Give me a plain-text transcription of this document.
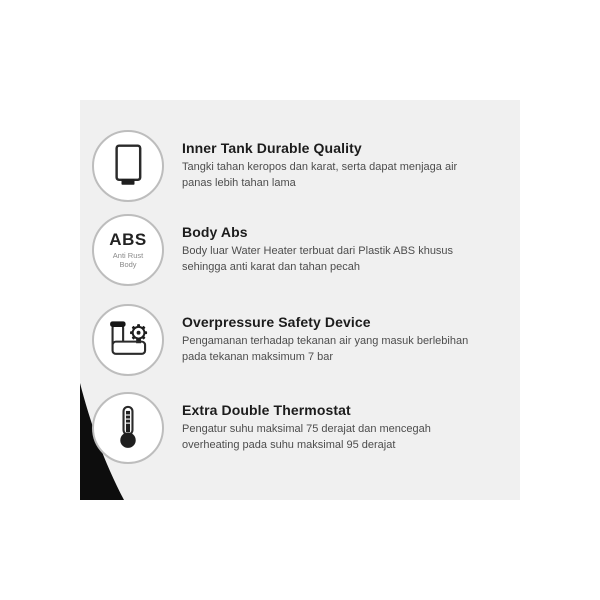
Inner Tank Durable Quality
Tangki tahan keropos dan karat, serta dapat menjaga air panas lebih tahan lama
ABS
Anti Rust
Body
Body Abs
Body luar Water Heater terbuat dari Plastik ABS khusus sehingga anti karat dan tahan pecah
Overpressure Safety Device
Pengamanan terhadap tekanan air yang masuk berlebihan pada tekanan maksimum 7 bar
Extra Double Thermostat
Pengatur suhu maksimal 75 derajat dan mencegah overheating pada suhu maksimal 95 derajat
